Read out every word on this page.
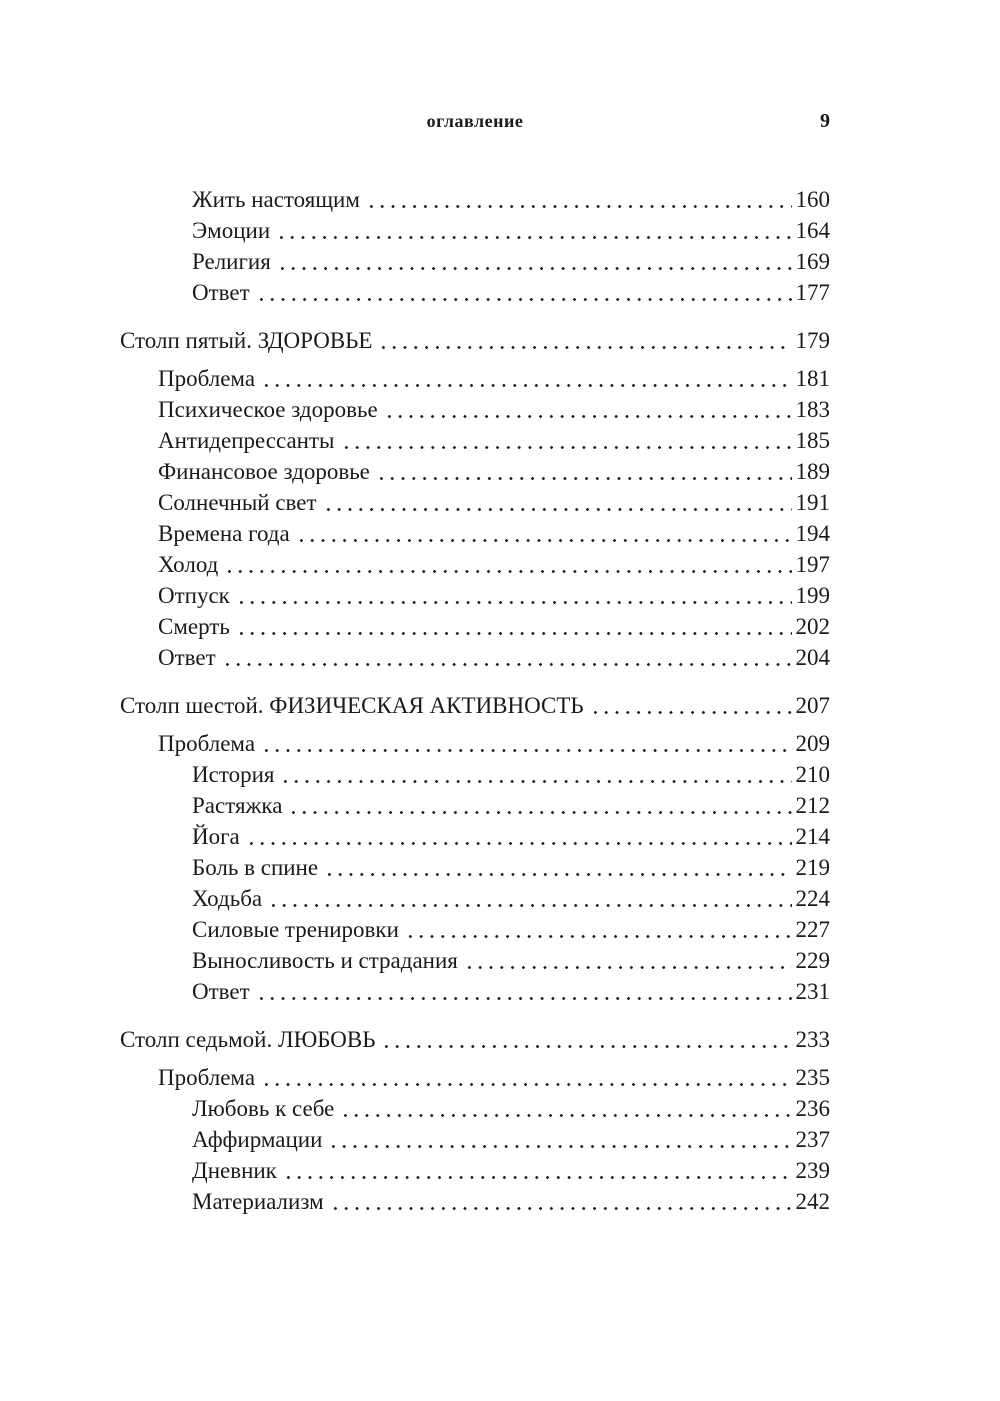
оглавление	9
Жить настоящим	160
Эмоции	164
Религия	169
Ответ	177
Столп пятый. ЗДОРОВЬЕ	179
Проблема	181
Психическое здоровье	183
Антидепрессанты	185
Финансовое здоровье	189
Солнечный свет	191
Времена года	194
Холод	197
Отпуск	199
Смерть	202
Ответ	204
Столп шестой. ФИЗИЧЕСКАЯ АКТИВНОСТЬ	207
Проблема	209
История	210
Растяжка	212
Йога	214
Боль в спине	219
Ходьба	224
Силовые тренировки	227
Выносливость и страдания	229
Ответ	231
Столп седьмой. ЛЮБОВЬ	233
Проблема	235
Любовь к себе	236
Аффирмации	237
Дневник	239
Материализм	242
